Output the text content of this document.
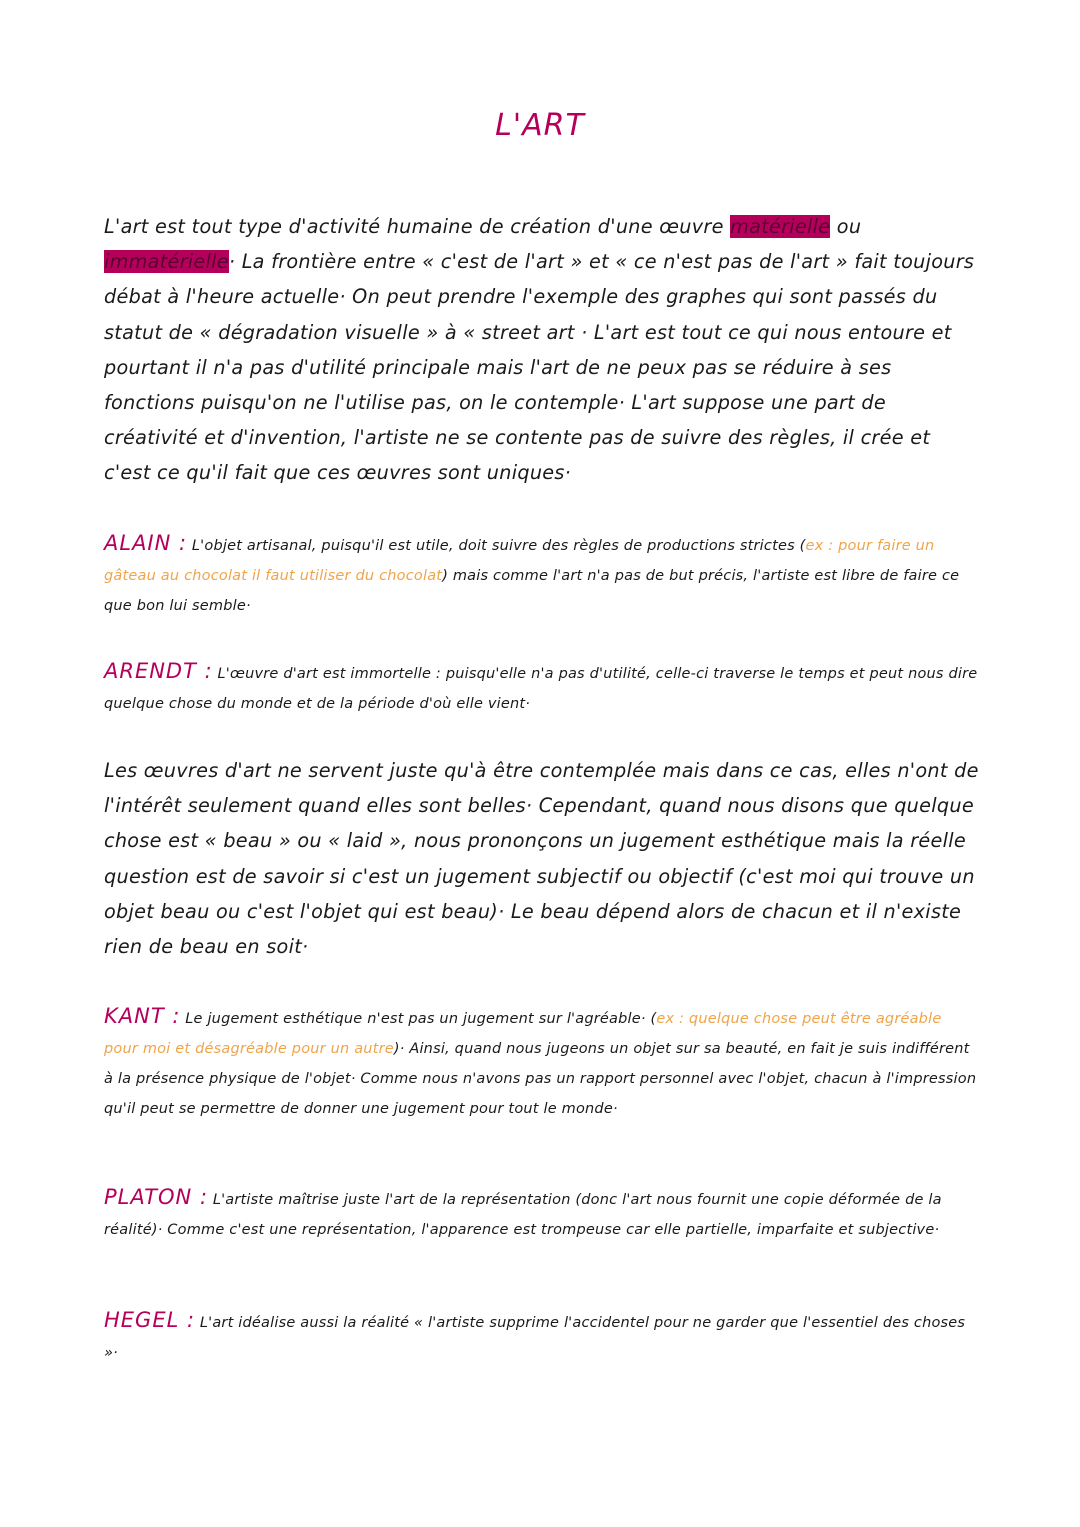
L'ART

L'art est tout type d'activité humaine de création d'une œuvre matérielle ou immatérielle· La frontière entre « c'est de l'art » et « ce n'est pas de l'art » fait toujours débat à l'heure actuelle· On peut prendre l'exemple des graphes qui sont passés du statut de « dégradation visuelle » à « street art · L'art est tout ce qui nous entoure et pourtant il n'a pas d'utilité principale mais l'art de ne peux pas se réduire à ses fonctions puisqu'on ne l'utilise pas, on le contemple· L'art suppose une part de créativité et d'invention, l'artiste ne se contente pas de suivre des règles, il crée et c'est ce qu'il fait que ces œuvres sont uniques·

ALAIN : L'objet artisanal, puisqu'il est utile, doit suivre des règles de productions strictes (ex : pour faire un gâteau au chocolat il faut utiliser du chocolat) mais comme l'art n'a pas de but précis, l'artiste est libre de faire ce que bon lui semble·

ARENDT : L'œuvre d'art est immortelle : puisqu'elle n'a pas d'utilité, celle-ci traverse le temps et peut nous dire quelque chose du monde et de la période d'où elle vient·

Les œuvres d'art ne servent juste qu'à être contemplée mais dans ce cas, elles n'ont de l'intérêt seulement quand elles sont belles· Cependant, quand nous disons que quelque chose est « beau » ou « laid », nous prononçons un jugement esthétique mais la réelle question est de savoir si c'est un jugement subjectif ou objectif (c'est moi qui trouve un objet beau ou c'est l'objet qui est beau)· Le beau dépend alors de chacun et il n'existe rien de beau en soit·

KANT : Le jugement esthétique n'est pas un jugement sur l'agréable· (ex : quelque chose peut être agréable pour moi et désagréable pour un autre)· Ainsi, quand nous jugeons un objet sur sa beauté, en fait je suis indifférent à la présence physique de l'objet· Comme nous n'avons pas un rapport personnel avec l'objet, chacun à l'impression qu'il peut se permettre de donner une jugement pour tout le monde·

PLATON : L'artiste maîtrise juste l'art de la représentation (donc l'art nous fournit une copie déformée de la réalité)· Comme c'est une représentation, l'apparence est trompeuse car elle partielle, imparfaite et subjective·

HEGEL : L'art idéalise aussi la réalité « l'artiste supprime l'accidentel pour ne garder que l'essentiel des choses »·
